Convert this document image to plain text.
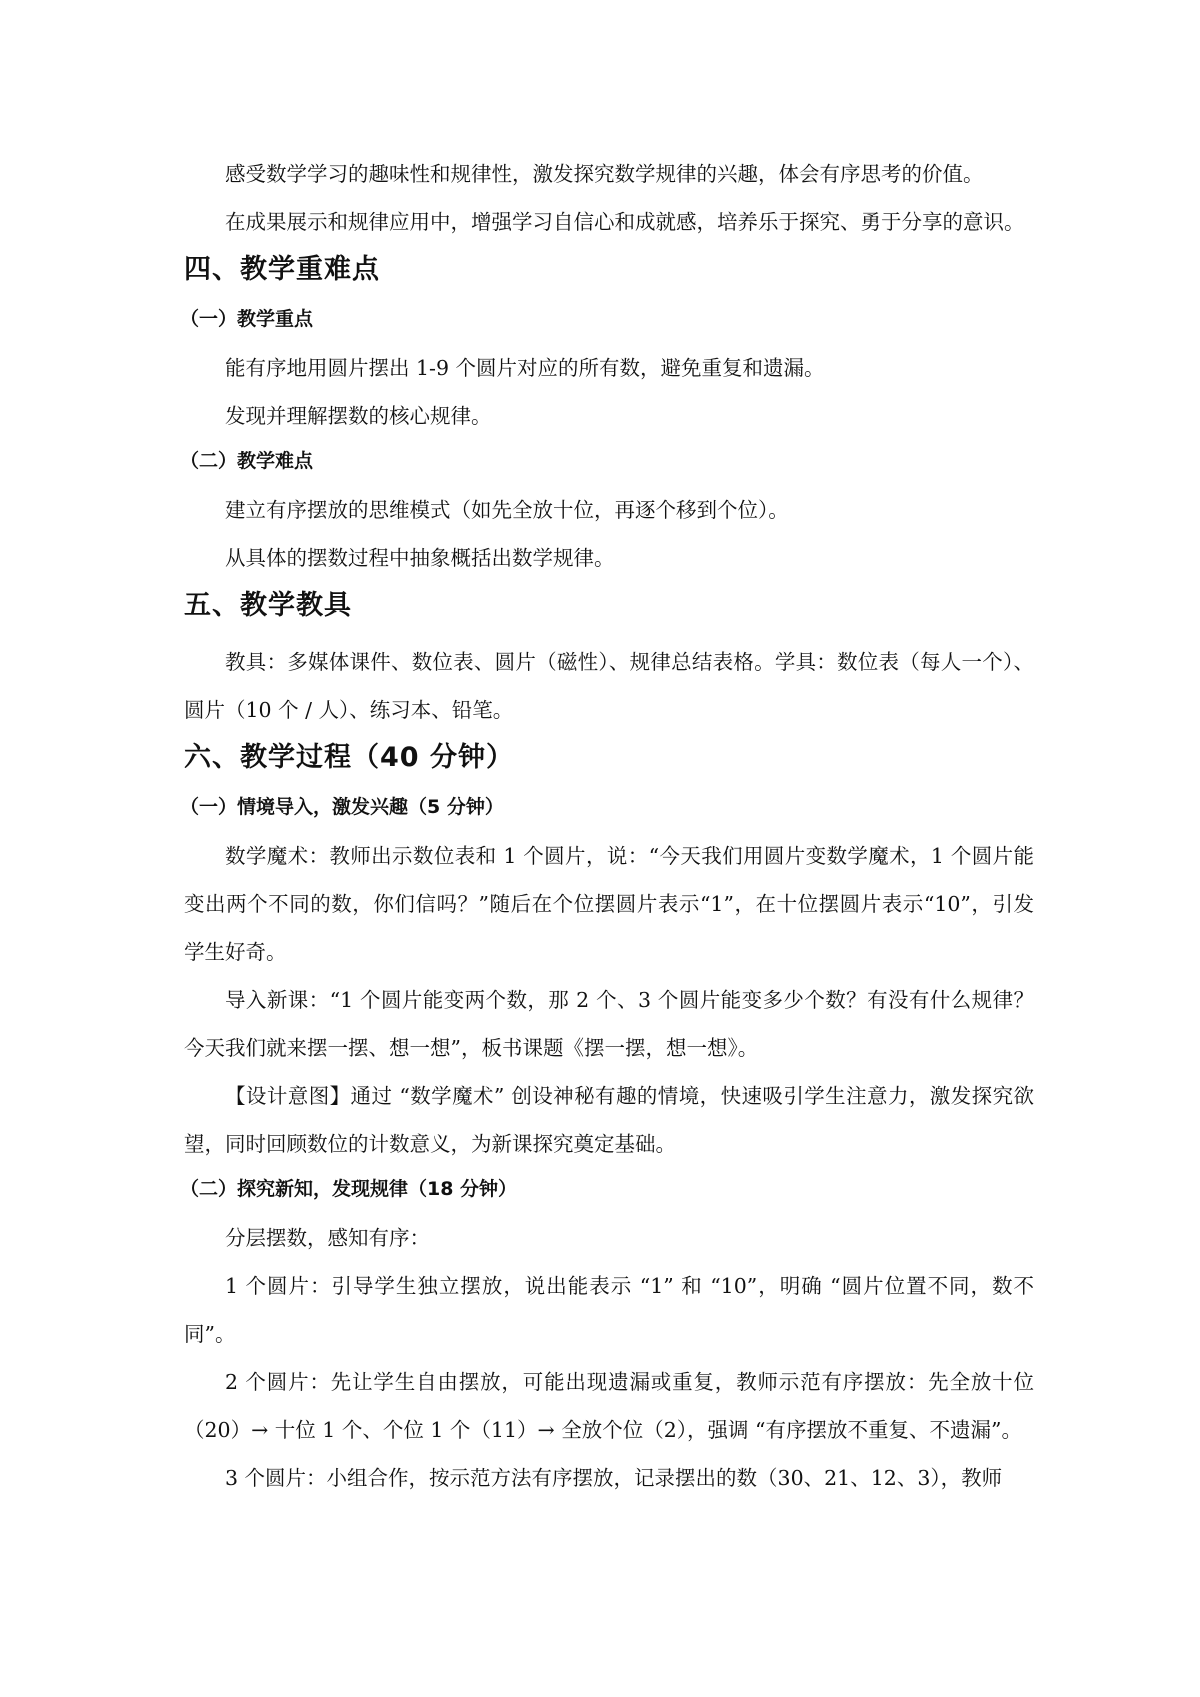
感受数学学习的趣味性和规律性，激发探究数学规律的兴趣，体会有序思考的价值。

在成果展示和规律应用中，增强学习自信心和成就感，培养乐于探究、勇于分享的意识。

四、教学重难点
（一）教学重点

能有序地用圆片摆出 1-9 个圆片对应的所有数，避免重复和遗漏。

发现并理解摆数的核心规律。

（二）教学难点

建立有序摆放的思维模式（如先全放十位，再逐个移到个位）。

从具体的摆数过程中抽象概括出数学规律。

五、教学教具

教具：多媒体课件、数位表、圆片（磁性）、规律总结表格。学具：数位表（每人一个）、圆片（10 个 / 人）、练习本、铅笔。

六、教学过程（40 分钟）
（一）情境导入，激发兴趣（5 分钟）

数学魔术：教师出示数位表和 1 个圆片，说：“今天我们用圆片变数学魔术，1 个圆片能变出两个不同的数，你们信吗？”随后在个位摆圆片表示“1”，在十位摆圆片表示“10”，引发学生好奇。

导入新课：“1 个圆片能变两个数，那 2 个、3 个圆片能变多少个数？有没有什么规律？今天我们就来摆一摆、想一想”，板书课题《摆一摆，想一想》。

【设计意图】通过 “数学魔术” 创设神秘有趣的情境，快速吸引学生注意力，激发探究欲望，同时回顾数位的计数意义，为新课探究奠定基础。

（二）探究新知，发现规律（18 分钟）

分层摆数，感知有序：

1 个圆片：引导学生独立摆放，说出能表示 “1” 和 “10”，明确 “圆片位置不同，数不同”。

2 个圆片：先让学生自由摆放，可能出现遗漏或重复，教师示范有序摆放：先全放十位（20）→ 十位 1 个、个位 1 个（11）→ 全放个位（2），强调 “有序摆放不重复、不遗漏”。

3 个圆片：小组合作，按示范方法有序摆放，记录摆出的数（30、21、12、3），教师
